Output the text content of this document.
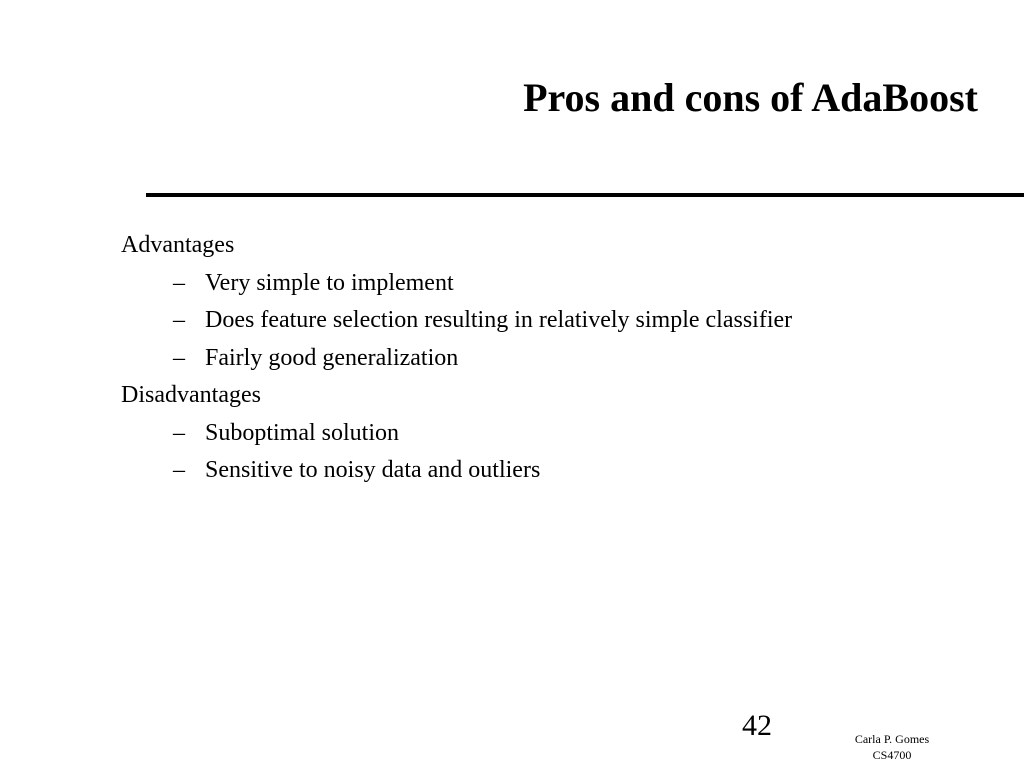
Pros and cons of AdaBoost

Advantages

– Very simple to implement
– Does feature selection resulting in relatively simple classifier
– Fairly good generalization

Disadvantages

– Suboptimal solution
– Sensitive to noisy data and outliers
42	Carla P. Gomes
CS4700
